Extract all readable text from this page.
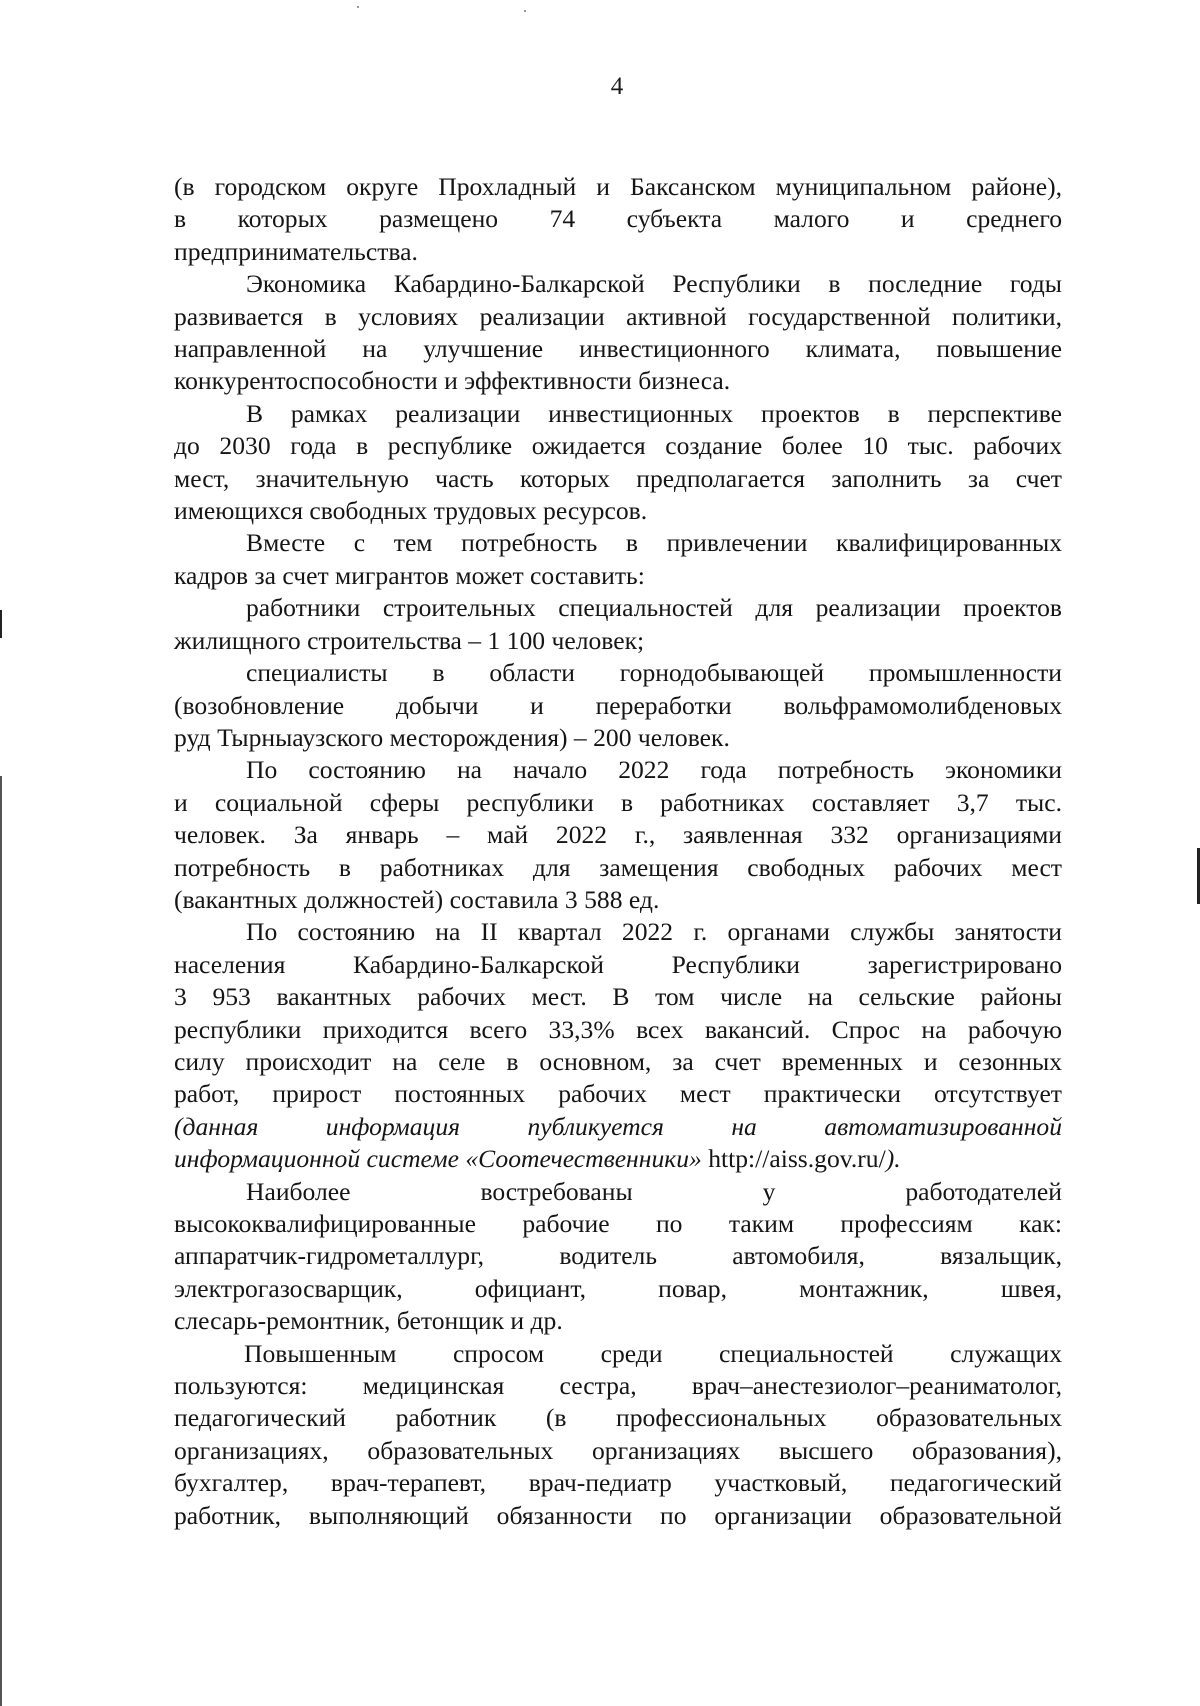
4

(в городском округе Прохладный и Баксанском муниципальном районе),
в которых размещено 74 субъекта малого и среднего
предпринимательства.

Экономика Кабардино-Балкарской Республики в последние годы
развивается в условиях реализации активной государственной политики,
направленной на улучшение инвестиционного климата, повышение
конкурентоспособности и эффективности бизнеса.

В рамках реализации инвестиционных проектов в перспективе
до 2030 года в республике ожидается создание более 10 тыс. рабочих
мест, значительную часть которых предполагается заполнить за счет
имеющихся свободных трудовых ресурсов.

Вместе с тем потребность в привлечении квалифицированных
кадров за счет мигрантов может составить:

работники строительных специальностей для реализации проектов
жилищного строительства – 1 100 человек;

специалисты в области горнодобывающей промышленности
(возобновление добычи и переработки вольфрамомолибденовых
руд Тырныаузского месторождения) – 200 человек.

По состоянию на начало 2022 года потребность экономики
и социальной сферы республики в работниках составляет 3,7 тыс.
человек. За январь – май 2022 г., заявленная 332 организациями
потребность в работниках для замещения свободных рабочих мест
(вакантных должностей) составила 3 588 ед.

По состоянию на II квартал 2022 г. органами службы занятости
населения Кабардино-Балкарской Республики зарегистрировано
3 953 вакантных рабочих мест. В том числе на сельские районы
республики приходится всего 33,3% всех вакансий. Спрос на рабочую
силу происходит на селе в основном, за счет временных и сезонных
работ, прирост постоянных рабочих мест практически отсутствует
(данная информация публикуется на автоматизированной
информационной системе «Соотечественники» http://aiss.gov.ru/).

Наиболее востребованы у работодателей
высококвалифицированные рабочие по таким профессиям как:
аппаратчик-гидрометаллург, водитель автомобиля, вязальщик,
электрогазосварщик, официант, повар, монтажник, швея,
слесарь-ремонтник, бетонщик и др.

Повышенным спросом среди специальностей служащих
пользуются: медицинская сестра, врач–анестезиолог–реаниматолог,
педагогический работник (в профессиональных образовательных
организациях, образовательных организациях высшего образования),
бухгалтер, врач-терапевт, врач-педиатр участковый, педагогический
работник, выполняющий обязанности по организации образовательной
